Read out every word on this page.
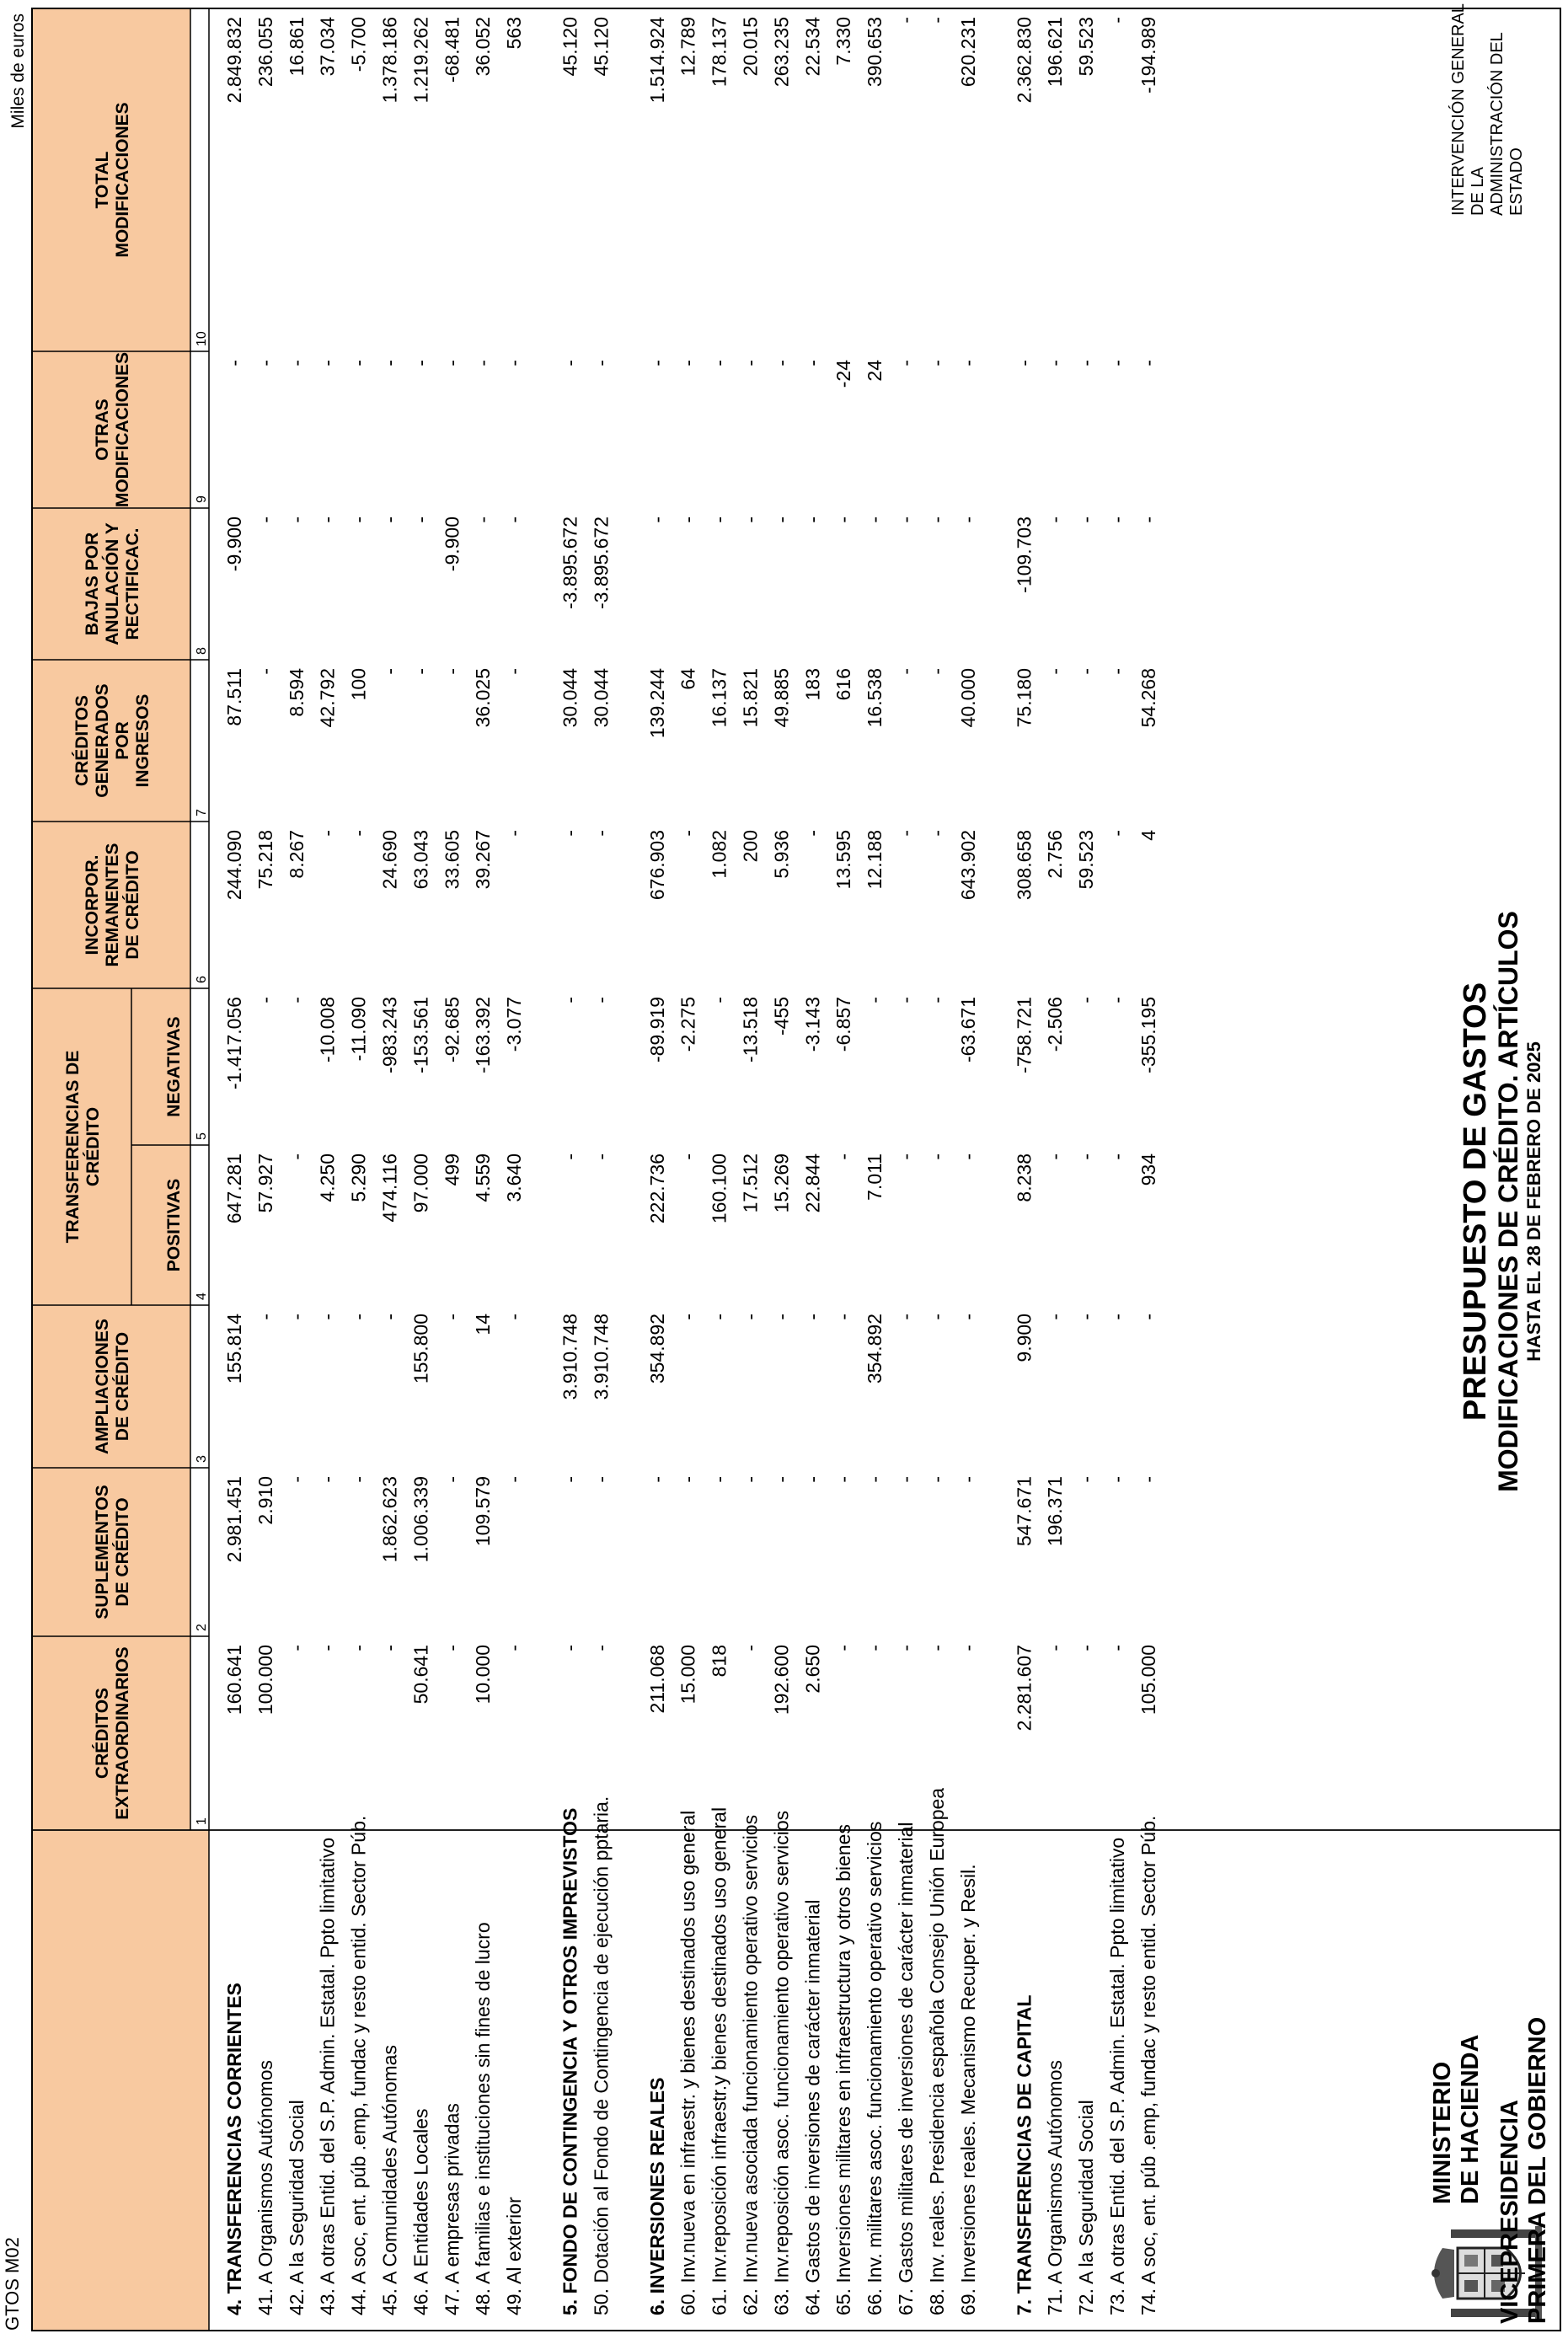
VICEPRESIDENCIA PRIMERA DEL GOBIERNO
MINISTERIO DE HACIENDA
PRESUPUESTO DE GASTOS MODIFICACIONES DE CRÉDITO. ARTÍCULOS HASTA EL 28 DE FEBRERO DE 2025
INTERVENCIÓN GENERAL DE LA ADMINISTRACIÓN DEL ESTADO
GTOS M02
Miles de euros
CRÉDITOSEXTRAORDINARIOS
SUPLEMENTOSDE CRÉDITO
AMPLIACIONESDE CRÉDITO
INCORPOR.REMANENTESDE CRÉDITO
CRÉDITOSGENERADOSPORINGRESOS
BAJAS PORANULACIÓN YRECTIFICAC.
OTRASMODIFICACIONES
TOTALMODIFICACIONES
TRANSFERENCIAS DECRÉDITO
POSITIVAS
NEGATIVAS
1
2
3
4
5
6
7
8
9
10
4. TRANSFERENCIAS CORRIENTES
160.641
2.981.451
155.814
647.281
-1.417.056
244.090
87.511
-9.900
-
2.849.832
41. A Organismos Autónomos
100.000
2.910
-
57.927
-
75.218
-
-
-
236.055
42. A la Seguridad Social
-
-
-
-
-
8.267
8.594
-
-
16.861
43. A otras Entid. del S.P. Admin. Estatal. Ppto limitativo
-
-
-
4.250
-10.008
-
42.792
-
-
37.034
44. A soc, ent. púb .emp, fundac y resto entid. Sector Púb.
-
-
-
5.290
-11.090
-
100
-
-
-5.700
45. A Comunidades Autónomas
-
1.862.623
-
474.116
-983.243
24.690
-
-
-
1.378.186
46. A Entidades Locales
50.641
1.006.339
155.800
97.000
-153.561
63.043
-
-
-
1.219.262
47. A empresas privadas
-
-
-
499
-92.685
33.605
-
-9.900
-
-68.481
48. A familias e instituciones sin fines de lucro
10.000
109.579
14
4.559
-163.392
39.267
36.025
-
-
36.052
49. Al exterior
-
-
-
3.640
-3.077
-
-
-
-
563
5. FONDO DE CONTINGENCIA Y OTROS IMPREVISTOS
-
-
3.910.748
-
-
-
30.044
-3.895.672
-
45.120
50. Dotación al Fondo de Contingencia de ejecución pptaria.
-
-
3.910.748
-
-
-
30.044
-3.895.672
-
45.120
6. INVERSIONES REALES
211.068
-
354.892
222.736
-89.919
676.903
139.244
-
-
1.514.924
60. Inv.nueva en infraestr. y bienes destinados uso general
15.000
-
-
-
-2.275
-
64
-
-
12.789
61. Inv.reposición infraestr.y bienes destinados uso general
818
-
-
160.100
-
1.082
16.137
-
-
178.137
62. Inv.nueva asociada funcionamiento operativo servicios
-
-
-
17.512
-13.518
200
15.821
-
-
20.015
63. Inv.reposición asoc. funcionamiento operativo servicios
192.600
-
-
15.269
-455
5.936
49.885
-
-
263.235
64. Gastos de inversiones de carácter inmaterial
2.650
-
-
22.844
-3.143
-
183
-
-
22.534
65. Inversiones militares en infraestructura y otros bienes
-
-
-
-
-6.857
13.595
616
-
-24
7.330
66. Inv. militares asoc. funcionamiento operativo servicios
-
-
354.892
7.011
-
12.188
16.538
-
24
390.653
67. Gastos militares de inversiones de carácter inmaterial
-
-
-
-
-
-
-
-
-
-
68. Inv. reales. Presidencia española Consejo Unión Europea
-
-
-
-
-
-
-
-
-
-
69. Inversiones reales. Mecanismo Recuper. y Resil.
-
-
-
-
-63.671
643.902
40.000
-
-
620.231
7. TRANSFERENCIAS DE CAPITAL
2.281.607
547.671
9.900
8.238
-758.721
308.658
75.180
-109.703
-
2.362.830
71. A Organismos Autónomos
-
196.371
-
-
-2.506
2.756
-
-
-
196.621
72. A la Seguridad Social
-
-
-
-
-
59.523
-
-
-
59.523
73. A otras Entid. del S.P. Admin. Estatal. Ppto limitativo
-
-
-
-
-
-
-
-
-
-
74. A soc, ent. púb .emp, fundac y resto entid. Sector Púb.
105.000
-
-
934
-355.195
4
54.268
-
-
-194.989
